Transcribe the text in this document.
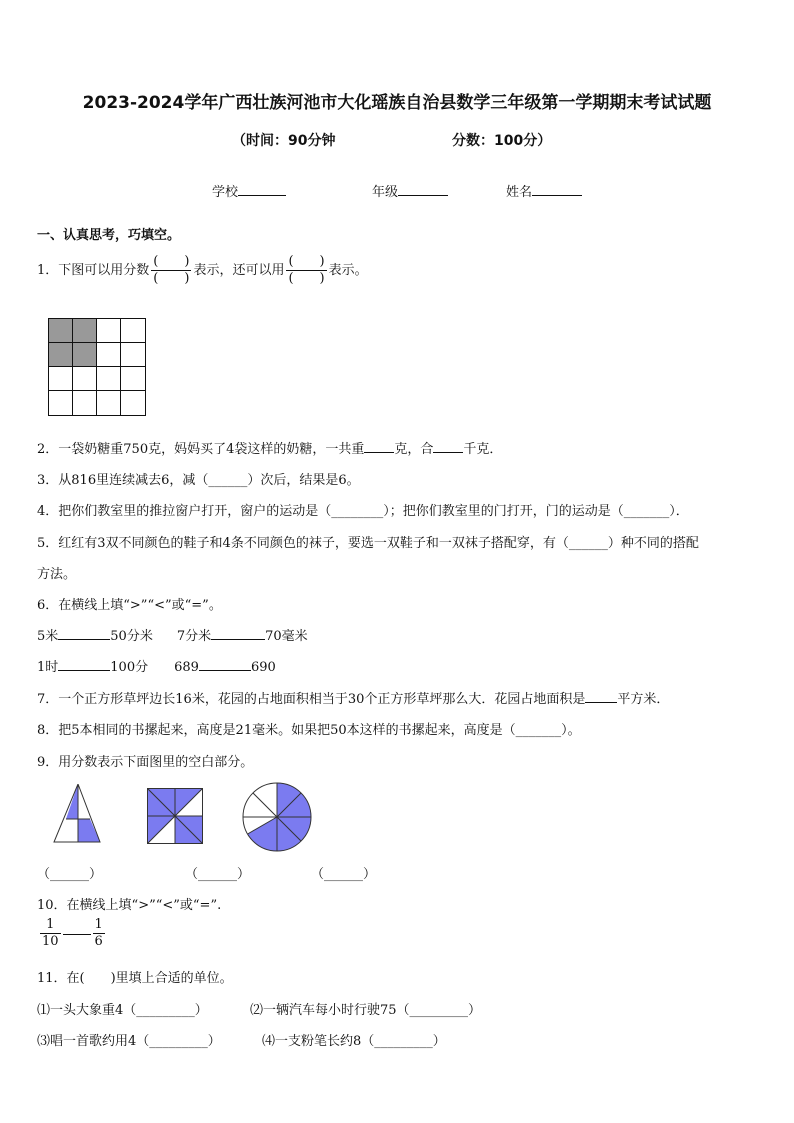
2023-2024学年广西壮族河池市大化瑶族自治县数学三年级第一学期期末考试试题
（时间：90分钟	分数：100分）
学校	年级	姓名
一、认真思考，巧填空。
1．下图可以用分数 $\frac{( )}{( )}$ 表示，还可以用 $\frac{( )}{( )}$ 表示。
2．一袋奶糖重750克，妈妈买了4袋这样的奶糖，一共重 克，合 千克．
3．从816里连续减去6，减（______）次后，结果是6。
4．把你们教室里的推拉窗户打开，窗户的运动是（________）；把你们教室里的门打开，门的运动是（_______）．
5．红红有3双不同颜色的鞋子和4条不同颜色的袜子，要选一双鞋子和一双袜子搭配穿，有（______）种不同的搭配
方法。
6．在横线上填“>”“<”或“=”。
5米	50分米 7分米	70毫米
1时	100分 689	690
7．一个正方形草坪边长16米，花园的占地面积相当于30个正方形草坪那么大．花园占地面积是 平方米．
8．把5本相同的书摞起来，高度是21毫米。如果把50本这样的书摞起来，高度是（_______）。
9．用分数表示下面图里的空白部分。
（______）	（______）	（______）
10．在横线上填“>”“<”或“=”.
$\frac{1}{10} \frac{1}{6}$
11．在(　　)里填上合适的单位。
⑴一头大象重4（_________）	⑵一辆汽车每小时行驶75（_________）
⑶唱一首歌约用4（_________）	⑷一支粉笔长约8（_________）
